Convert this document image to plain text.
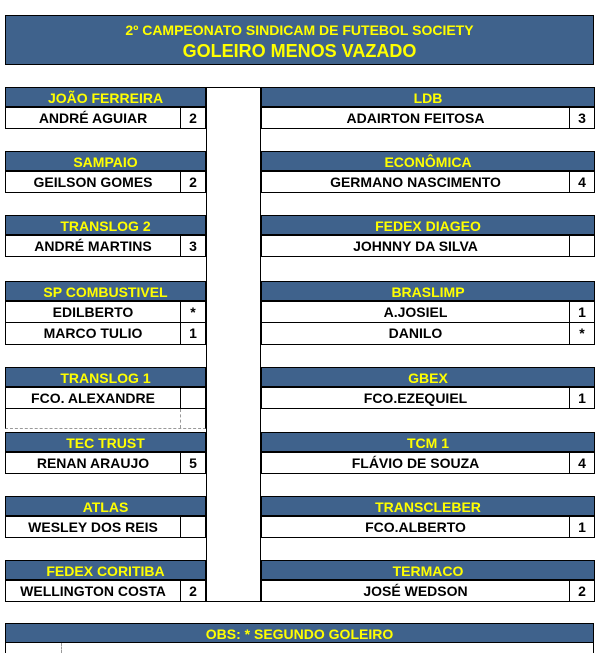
2º CAMPEONATO SINDICAM DE FUTEBOL SOCIETY
GOLEIRO MENOS VAZADO
JOÃO FERREIRA
ANDRÉ AGUIAR	2
SAMPAIO
GEILSON GOMES	2
TRANSLOG 2
ANDRÉ MARTINS	3
SP COMBUSTIVEL
EDILBERTO	*
MARCO TULIO	1
TRANSLOG 1
FCO. ALEXANDRE
TEC TRUST
RENAN ARAUJO	5
ATLAS
WESLEY DOS REIS
FEDEX CORITIBA
WELLINGTON COSTA	2
LDB
ADAIRTON FEITOSA	3
ECONÔMICA
GERMANO NASCIMENTO	4
FEDEX DIAGEO
JOHNNY DA SILVA
BRASLIMP
A.JOSIEL	1
DANILO	*
GBEX
FCO.EZEQUIEL	1
TCM 1
FLÁVIO DE SOUZA	4
TRANSCLEBER
FCO.ALBERTO	1
TERMACO
JOSÉ WEDSON	2
OBS: * SEGUNDO GOLEIRO
